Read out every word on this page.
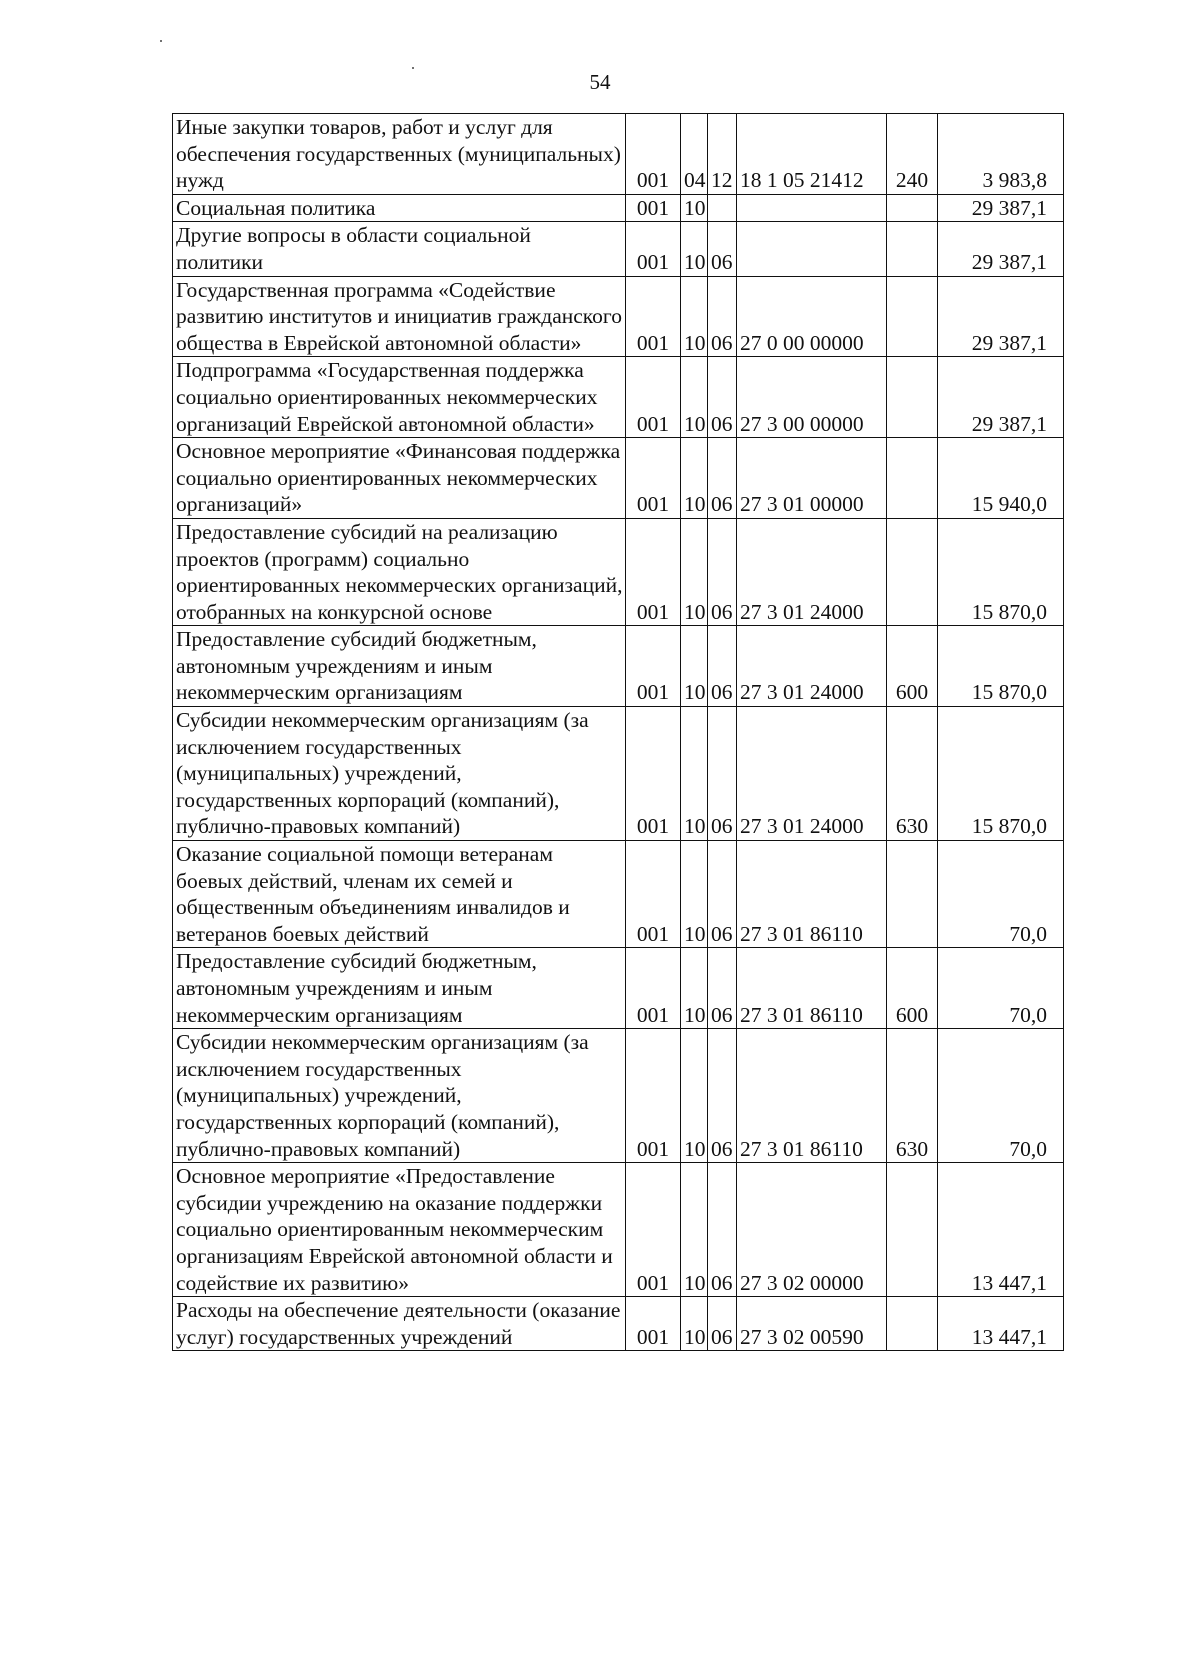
54
Иные закупки товаров, работ и услуг для обеспечения государственных (муниципальных) нужд	001	04	12	18 1 05 21412	240	3 983,8
Социальная политика	001	10				29 387,1
Другие вопросы в области социальной политики	001	10	06			29 387,1
Государственная программа «Содействие развитию институтов и инициатив гражданского общества в Еврейской автономной области»	001	10	06	27 0 00 00000		29 387,1
Подпрограмма «Государственная поддержка социально ориентированных некоммерческих организаций Еврейской автономной области»	001	10	06	27 3 00 00000		29 387,1
Основное мероприятие «Финансовая поддержка социально ориентированных некоммерческих организаций»	001	10	06	27 3 01 00000		15 940,0
Предоставление субсидий на реализацию проектов (программ) социально ориентированных некоммерческих организаций, отобранных на конкурсной основе	001	10	06	27 3 01 24000		15 870,0
Предоставление субсидий бюджетным, автономным учреждениям и иным некоммерческим организациям	001	10	06	27 3 01 24000	600	15 870,0
Субсидии некоммерческим организациям (за исключением государственных (муниципальных) учреждений, государственных корпораций (компаний), публично-правовых компаний)	001	10	06	27 3 01 24000	630	15 870,0
Оказание социальной помощи ветеранам боевых действий, членам их семей и общественным объединениям инвалидов и ветеранов боевых действий	001	10	06	27 3 01 86110		70,0
Предоставление субсидий бюджетным, автономным учреждениям и иным некоммерческим организациям	001	10	06	27 3 01 86110	600	70,0
Субсидии некоммерческим организациям (за исключением государственных (муниципальных) учреждений, государственных корпораций (компаний), публично-правовых компаний)	001	10	06	27 3 01 86110	630	70,0
Основное мероприятие «Предоставление субсидии учреждению на оказание поддержки социально ориентированным некоммерческим организациям Еврейской автономной области и содействие их развитию»	001	10	06	27 3 02 00000		13 447,1
Расходы на обеспечение деятельности (оказание услуг) государственных учреждений	001	10	06	27 3 02 00590		13 447,1
